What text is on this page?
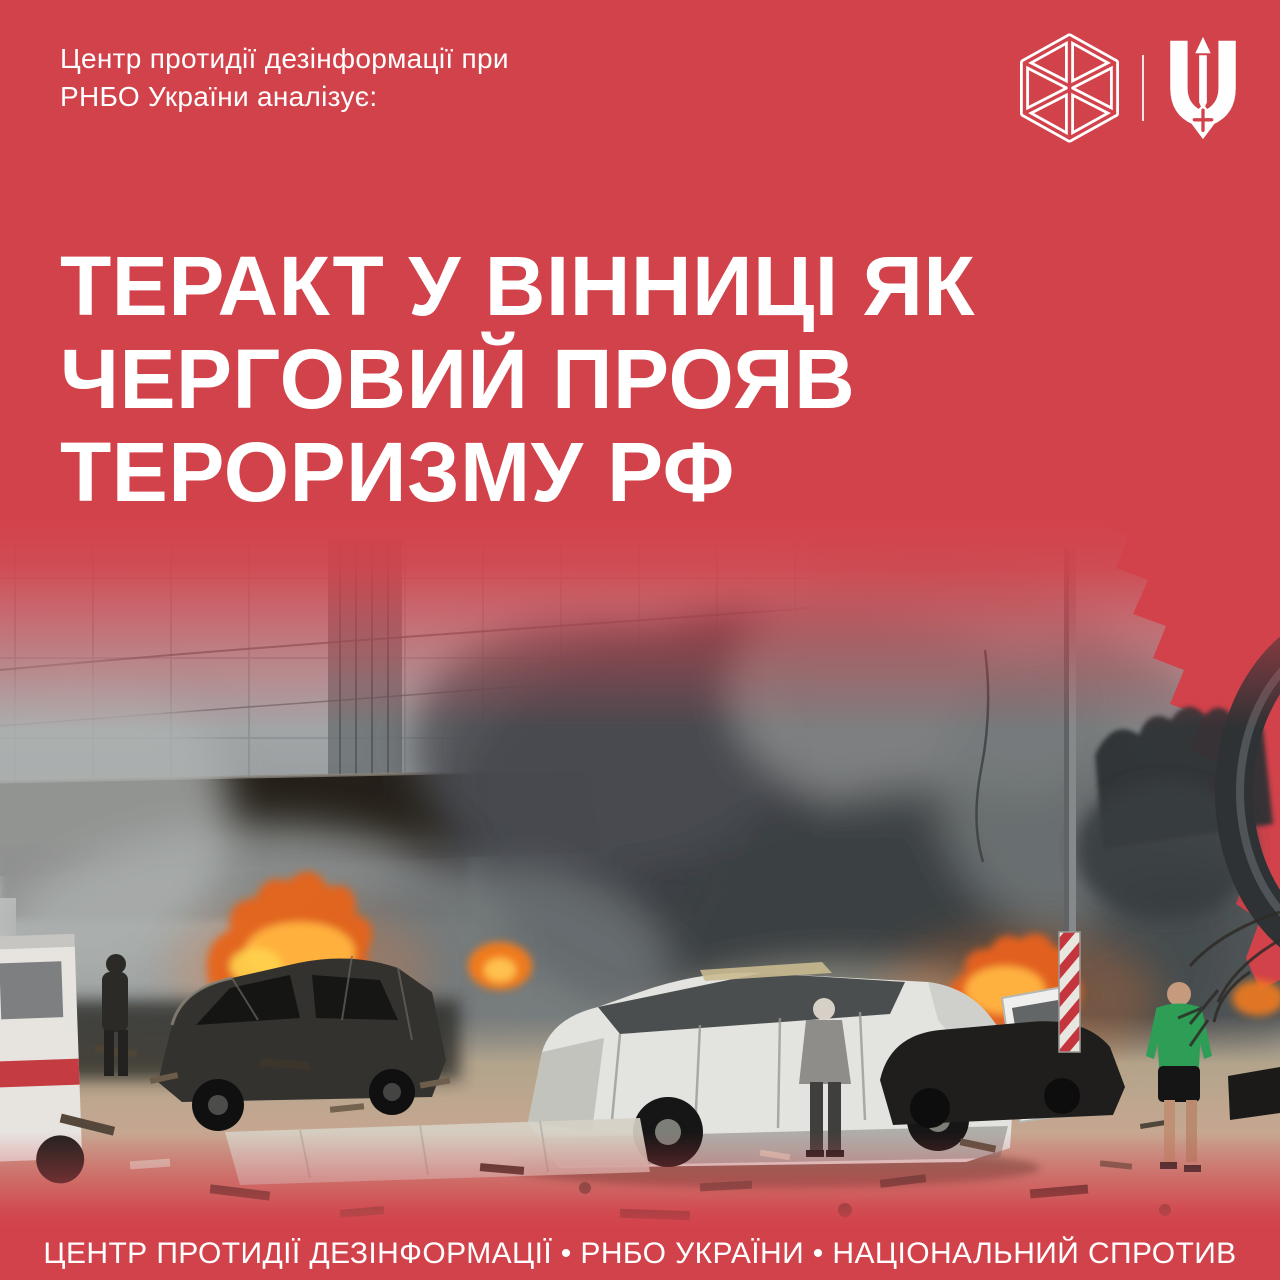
Центр протидії дезінформації при
РНБО України аналізує:
ТЕРАКТ У ВІННИЦІ ЯК
ЧЕРГОВИЙ ПРОЯВ
ТЕРОРИЗМУ РФ
ЦЕНТР ПРОТИДІЇ ДЕЗІНФОРМАЦІЇ • РНБО УКРАЇНИ • НАЦІОНАЛЬНИЙ СПРОТИВ
